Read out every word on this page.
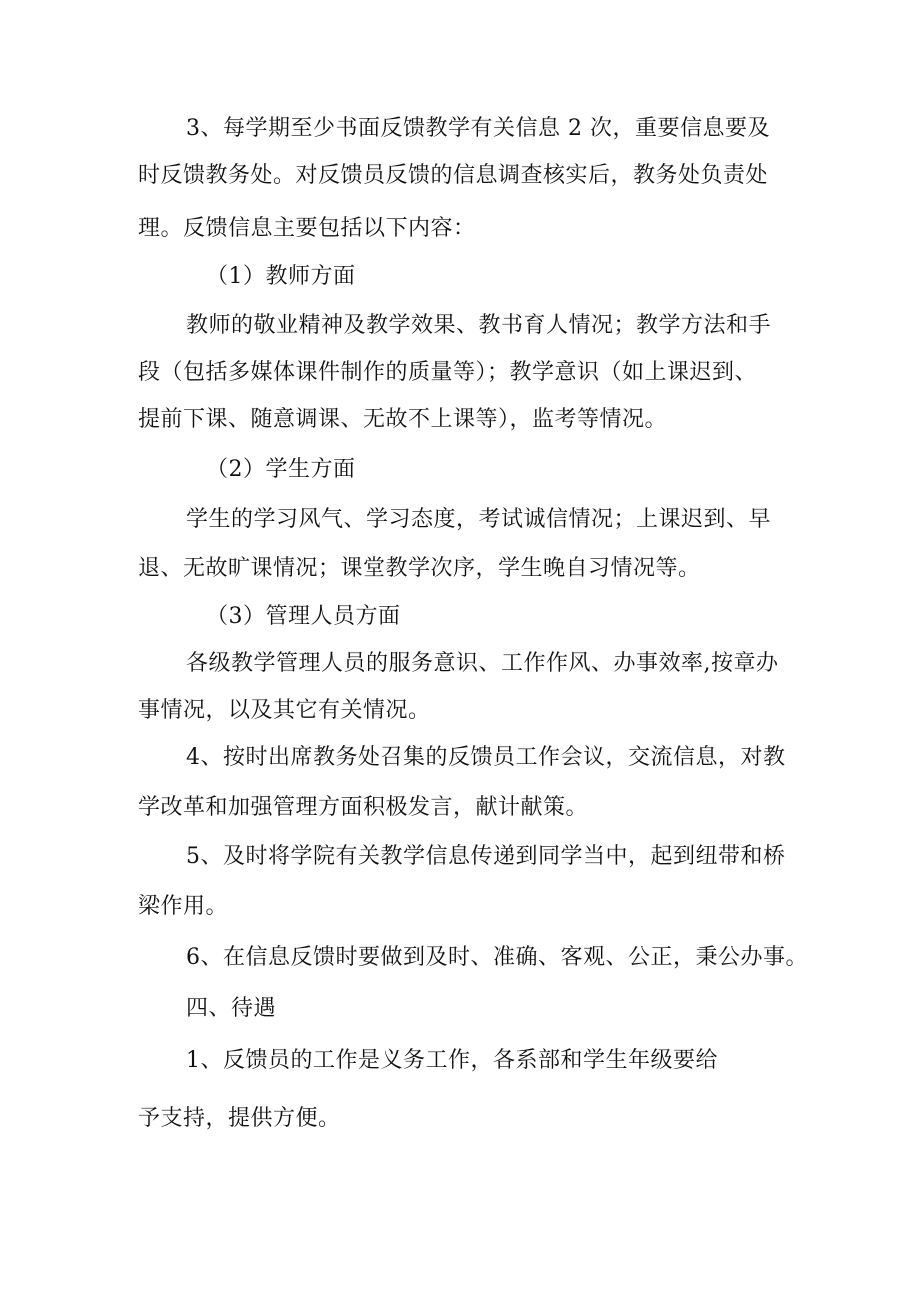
3、每学期至少书面反馈教学有关信息 2 次，重要信息要及
时反馈教务处。对反馈员反馈的信息调查核实后，教务处负责处
理。反馈信息主要包括以下内容：
（1）教师方面
教师的敬业精神及教学效果、教书育人情况；教学方法和手
段（包括多媒体课件制作的质量等）；教学意识（如上课迟到、
提前下课、随意调课、无故不上课等），监考等情况。
（2）学生方面
学生的学习风气、学习态度，考试诚信情况；上课迟到、早
退、无故旷课情况；课堂教学次序，学生晚自习情况等。
（3）管理人员方面
各级教学管理人员的服务意识、工作作风、办事效率,按章办
事情况，以及其它有关情况。
4、按时出席教务处召集的反馈员工作会议，交流信息，对教
学改革和加强管理方面积极发言，献计献策。
5、及时将学院有关教学信息传递到同学当中，起到纽带和桥
梁作用。
6、在信息反馈时要做到及时、准确、客观、公正，秉公办事。
四、待遇
1、反馈员的工作是义务工作，各系部和学生年级要给
予支持，提供方便。
